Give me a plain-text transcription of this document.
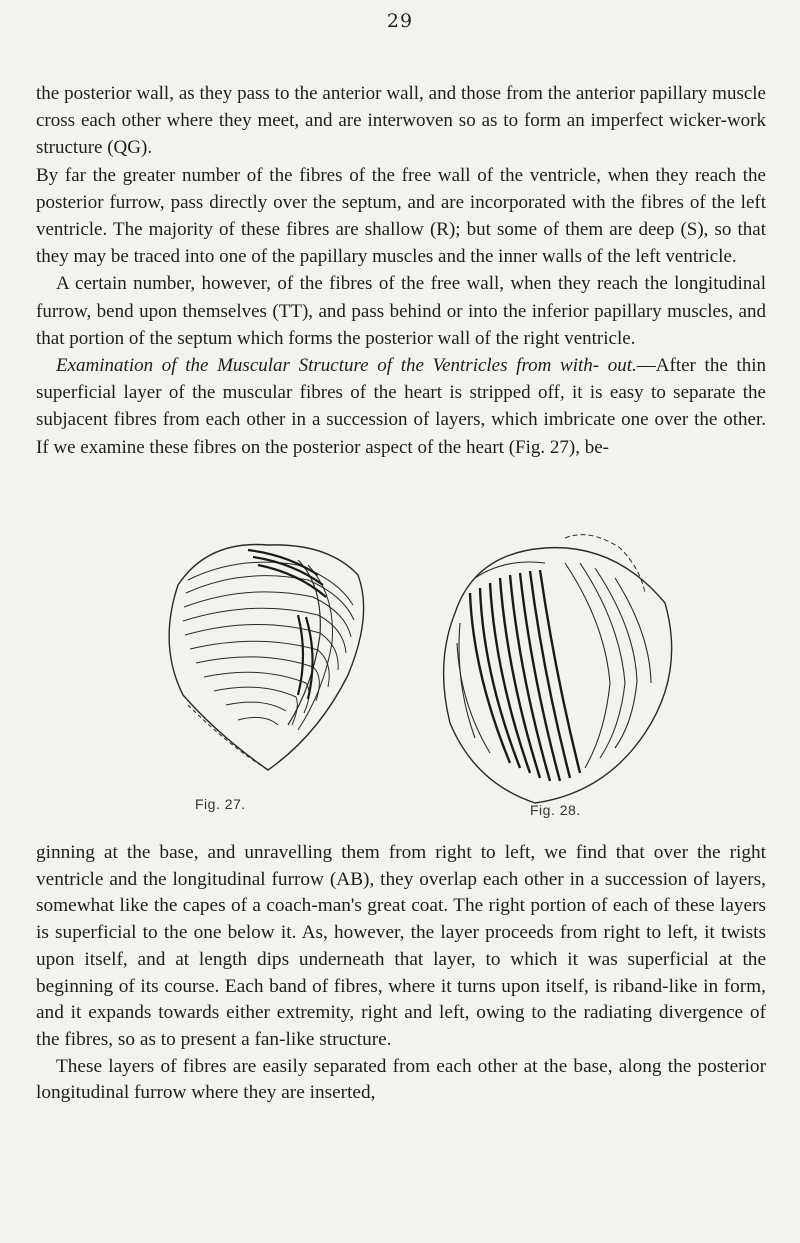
29

the posterior wall, as they pass to the anterior wall, and those from the anterior papillary muscle cross each other where they meet, and are interwoven so as to form an imperfect wicker-work structure (QG).

By far the greater number of the fibres of the free wall of the ventricle, when they reach the posterior furrow, pass directly over the septum, and are incorporated with the fibres of the left ventricle. The majority of these fibres are shallow (R); but some of them are deep (S), so that they may be traced into one of the papillary muscles and the inner walls of the left ventricle.

A certain number, however, of the fibres of the free wall, when they reach the longitudinal furrow, bend upon themselves (TT), and pass behind or into the inferior papillary muscles, and that portion of the septum which forms the posterior wall of the right ventricle.

Examination of the Muscular Structure of the Ventricles from with- out.—After the thin superficial layer of the muscular fibres of the heart is stripped off, it is easy to separate the subjacent fibres from each other in a succession of layers, which imbricate one over the other. If we examine these fibres on the posterior aspect of the heart (Fig. 27), be-

Fig. 27.	Fig. 28.

ginning at the base, and unravelling them from right to left, we find that over the right ventricle and the longitudinal furrow (AB), they overlap each other in a succession of layers, somewhat like the capes of a coach-man's great coat. The right portion of each of these layers is superficial to the one below it. As, however, the layer proceeds from right to left, it twists upon itself, and at length dips underneath that layer, to which it was superficial at the beginning of its course. Each band of fibres, where it turns upon itself, is riband-like in form, and it expands towards either extremity, right and left, owing to the radiating divergence of the fibres, so as to present a fan-like structure.

These layers of fibres are easily separated from each other at the base, along the posterior longitudinal furrow where they are inserted,
